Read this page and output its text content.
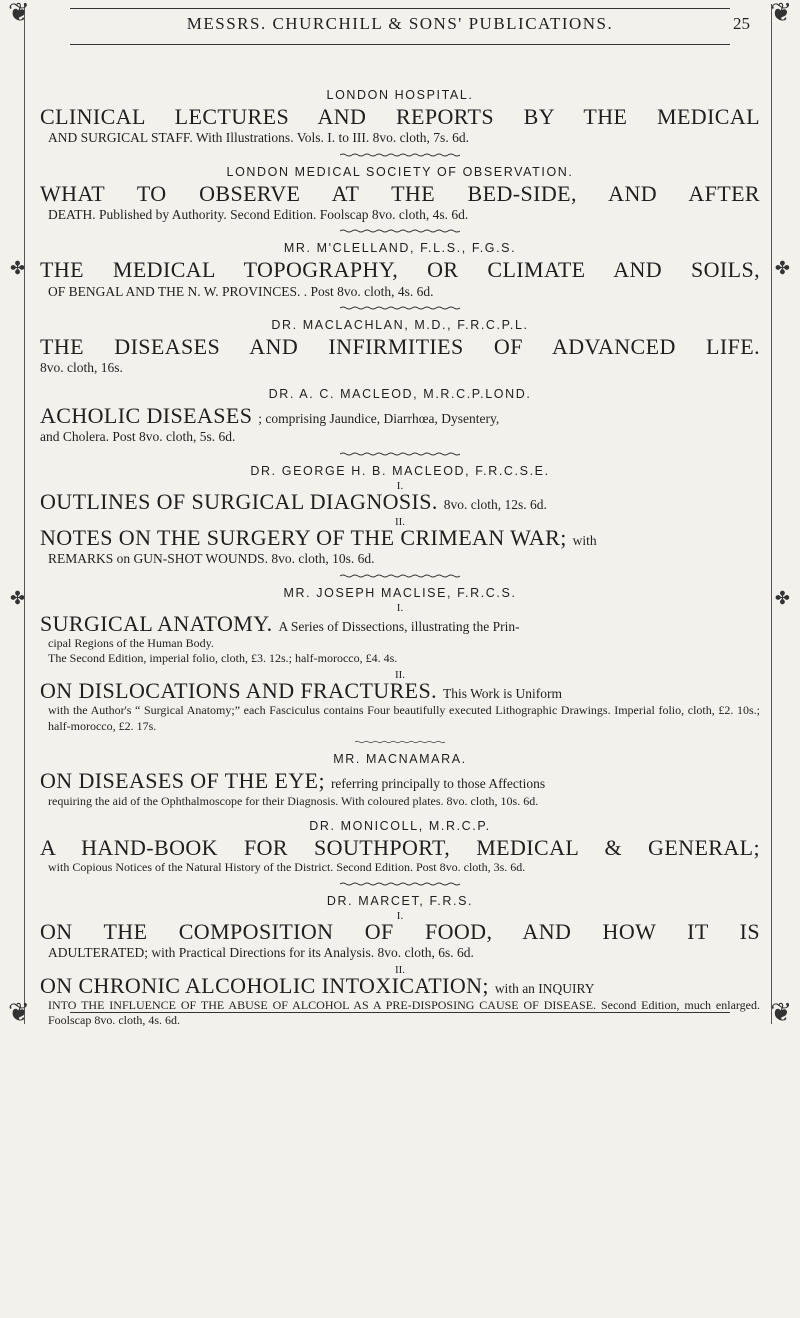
❦	❦
❦	❦
✤	✤
✤	✤
MESSRS. CHURCHILL & SONS' PUBLICATIONS.	25
LONDON HOSPITAL.
CLINICAL LECTURES AND REPORTS BY THE MEDICAL
AND SURGICAL STAFF. With Illustrations. Vols. I. to III. 8vo. cloth, 7s. 6d.
LONDON MEDICAL SOCIETY OF OBSERVATION.
WHAT TO OBSERVE AT THE BED-SIDE, AND AFTER
DEATH. Published by Authority. Second Edition. Foolscap 8vo. cloth, 4s. 6d.
MR. M'CLELLAND, F.L.S., F.G.S.
THE MEDICAL TOPOGRAPHY, OR CLIMATE AND SOILS,
OF BENGAL AND THE N. W. PROVINCES. . Post 8vo. cloth, 4s. 6d.
DR. MACLACHLAN, M.D., F.R.C.P.L.
THE DISEASES AND INFIRMITIES OF ADVANCED LIFE.
8vo. cloth, 16s.
DR. A. C. MACLEOD, M.R.C.P.LOND.
ACHOLIC DISEASES ; comprising Jaundice, Diarrhœa, Dysentery,
and Cholera. Post 8vo. cloth, 5s. 6d.
DR. GEORGE H. B. MACLEOD, F.R.C.S.E.
I.
OUTLINES OF SURGICAL DIAGNOSIS. 8vo. cloth, 12s. 6d.
II.
NOTES ON THE SURGERY OF THE CRIMEAN WAR; with
REMARKS on GUN-SHOT WOUNDS. 8vo. cloth, 10s. 6d.
MR. JOSEPH MACLISE, F.R.C.S.
I.
SURGICAL ANATOMY. A Series of Dissections, illustrating the Prin-
cipal Regions of the Human Body.
The Second Edition, imperial folio, cloth, £3. 12s.; half-morocco, £4. 4s.
II.
ON DISLOCATIONS AND FRACTURES. This Work is Uniform
with the Author's “ Surgical Anatomy;” each Fasciculus contains Four beautifully executed Lithographic Drawings. Imperial folio, cloth, £2. 10s.; half-morocco, £2. 17s.
MR. MACNAMARA.
ON DISEASES OF THE EYE; referring principally to those Affections
requiring the aid of the Ophthalmoscope for their Diagnosis. With coloured plates. 8vo. cloth, 10s. 6d.
DR. MONICOLL, M.R.C.P.
A HAND-BOOK FOR SOUTHPORT, MEDICAL & GENERAL;
with Copious Notices of the Natural History of the District. Second Edition. Post 8vo. cloth, 3s. 6d.
DR. MARCET, F.R.S.
I.
ON THE COMPOSITION OF FOOD, AND HOW IT IS
ADULTERATED; with Practical Directions for its Analysis. 8vo. cloth, 6s. 6d.
II.
ON CHRONIC ALCOHOLIC INTOXICATION; with an INQUIRY
INTO THE INFLUENCE OF THE ABUSE OF ALCOHOL AS A PRE-DISPOSING CAUSE OF DISEASE. Second Edition, much enlarged. Foolscap 8vo. cloth, 4s. 6d.
